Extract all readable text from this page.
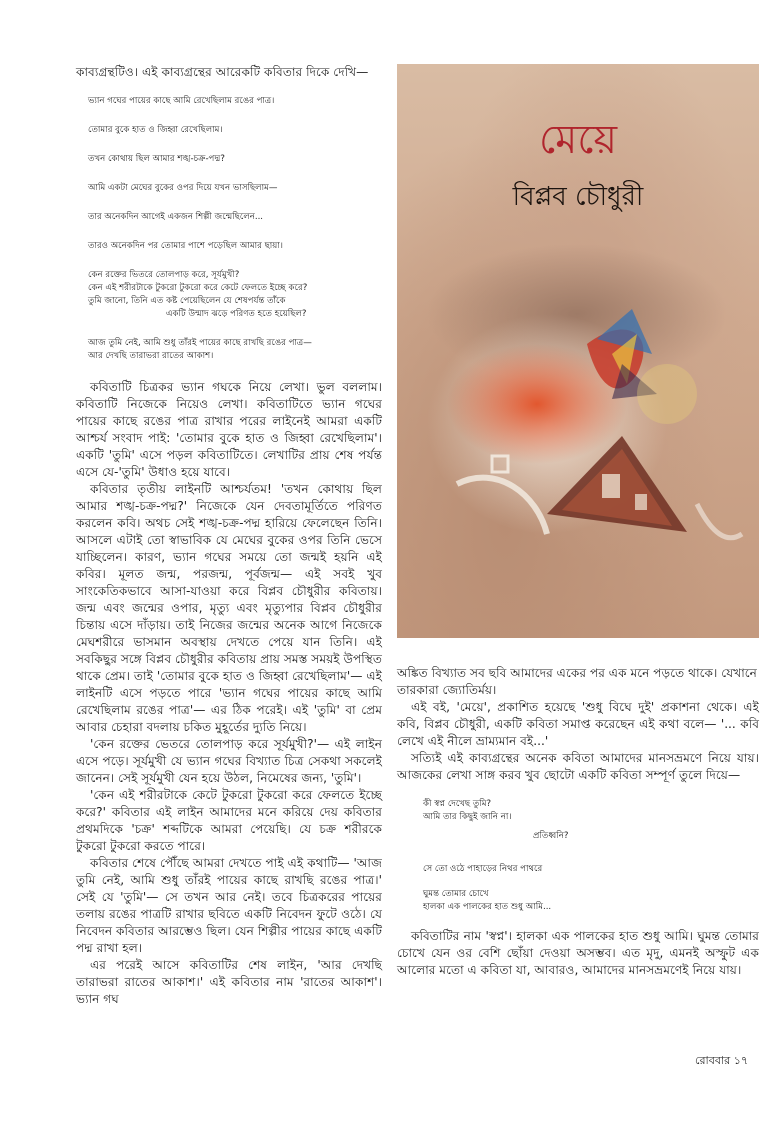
কাব্যগ্রন্থটিও। এই কাব্যগ্রন্থের আরেকটি কবিতার দিকে দেখি—

ভ্যান গঘের পায়ের কাছে আমি রেখেছিলাম রঙের পাত্র।
তোমার বুকে হাত ও জিহ্বা রেখেছিলাম।
তখন কোথায় ছিল আমার শঙ্খ-চক্র-পদ্ম?
আমি একটা মেঘের বুকের ওপর দিয়ে যখন ভাসছিলাম—
তার অনেকদিন আগেই একজন শিল্পী জন্মেছিলেন...
তারও অনেকদিন পর তোমার পাশে পড়েছিল আমার ছায়া।
কেন রক্তের ভিতরে তোলপাড় করে, সূর্যমুখী?
কেন এই শরীরটাকে টুকরো টুকরো করে কেটে ফেলতে ইচ্ছে করে?
তুমি জানো, তিনি এত কষ্ট পেয়েছিলেন যে শেষপর্যন্ত তাঁকে
একটি উন্মাদ ঝড়ে পরিণত হতে হয়েছিল?
আজ তুমি নেই, আমি শুধু তাঁরই পায়ের কাছে রাখছি রঙের পাত্র—
আর দেখছি তারাভরা রাতের আকাশ।

কবিতাটি চিত্রকর ভ্যান গঘকে নিয়ে লেখা। ভুল বললাম। কবিতাটি নিজেকে নিয়েও লেখা। কবিতাটিতে ভ্যান গঘের পায়ের কাছে রঙের পাত্র রাখার পরের লাইনেই আমরা একটি আশ্চর্য সংবাদ পাই: 'তোমার বুকে হাত ও জিহ্বা রেখেছিলাম'। একটি 'তুমি' এসে পড়ল কবিতাটিতে। লেখাটির প্রায় শেষ পর্যন্ত এসে যে-'তুমি' উধাও হয়ে যাবে।

কবিতার তৃতীয় লাইনটি আশ্চর্যতম! 'তখন কোথায় ছিল আমার শঙ্খ-চক্র-পদ্ম?' নিজেকে যেন দেবতামূর্তিতে পরিণত করলেন কবি। অথচ সেই শঙ্খ-চক্র-পদ্ম হারিয়ে ফেলেছেন তিনি। আসলে এটাই তো স্বাভাবিক যে মেঘের বুকের ওপর তিনি ভেসে যাচ্ছিলেন। কারণ, ভ্যান গঘের সময়ে তো জন্মই হয়নি এই কবির। মূলত জন্ম, পরজন্ম, পূর্বজন্ম— এই সবই খুব সাংকেতিকভাবে আসা-যাওয়া করে বিপ্লব চৌধুরীর কবিতায়। জন্ম এবং জন্মের ওপার, মৃত্যু এবং মৃত্যুপার বিপ্লব চৌধুরীর চিন্তায় এসে দাঁড়ায়। তাই নিজের জন্মের অনেক আগে নিজেকে মেঘশরীরে ভাসমান অবস্থায় দেখতে পেয়ে যান তিনি। এই সবকিছুর সঙ্গে বিপ্লব চৌধুরীর কবিতায় প্রায় সমস্ত সময়ই উপস্থিত থাকে প্রেম। তাই 'তোমার বুকে হাত ও জিহ্বা রেখেছিলাম'— এই লাইনটি এসে পড়তে পারে 'ভ্যান গঘের পায়ের কাছে আমি রেখেছিলাম রঙের পাত্র'— এর ঠিক পরেই। এই 'তুমি' বা প্রেম আবার চেহারা বদলায় চকিত মুহূর্তের দ্যুতি নিয়ে।

'কেন রক্তের ভেতরে তোলপাড় করে সূর্যমুখী?'— এই লাইন এসে পড়ে। সূর্যমুখী যে ভ্যান গঘের বিখ্যাত চিত্র সেকথা সকলেই জানেন। সেই সূর্যমুখী যেন হয়ে উঠল, নিমেষের জন্য, 'তুমি'।

'কেন এই শরীরটাকে কেটে টুকরো টুকরো করে ফেলতে ইচ্ছে করে?' কবিতার এই লাইন আমাদের মনে করিয়ে দেয় কবিতার প্রথমদিকে 'চক্র' শব্দটিকে আমরা পেয়েছি। যে চক্র শরীরকে টুকরো টুকরো করতে পারে।

কবিতার শেষে পৌঁছে আমরা দেখতে পাই এই কথাটি— 'আজ তুমি নেই, আমি শুধু তাঁরই পায়ের কাছে রাখছি রঙের পাত্র।' সেই যে 'তুমি'— সে তখন আর নেই। তবে চিত্রকরের পায়ের তলায় রঙের পাত্রটি রাখার ছবিতে একটি নিবেদন ফুটে ওঠে। যে নিবেদন কবিতার আরম্ভেও ছিল। যেন শিল্পীর পায়ের কাছে একটি পদ্ম রাখা হল।

এর পরেই আসে কবিতাটির শেষ লাইন, 'আর দেখছি তারাভরা রাতের আকাশ।' এই কবিতার নাম 'রাতের আকাশ'। ভ্যান গঘ

মেয়ে
বিপ্লব চৌধুরী

অঙ্কিত বিখ্যাত সব ছবি আমাদের একের পর এক মনে পড়তে থাকে। যেখানে তারকারা জ্যোতির্ময়।

এই বই, 'মেয়ে', প্রকাশিত হয়েছে 'শুধু বিঘে দুই' প্রকাশনা থেকে। এই কবি, বিপ্লব চৌধুরী, একটি কবিতা সমাপ্ত করেছেন এই কথা বলে— '... কবি লেখে এই নীলে ভ্রাম্যমান বই...'

সত্যিই এই কাব্যগ্রন্থের অনেক কবিতা আমাদের মানসভ্রমণে নিয়ে যায়। আজকের লেখা সাঙ্গ করব খুব ছোটো একটি কবিতা সম্পূর্ণ তুলে দিয়ে—

কী স্বপ্ন দেখেছ তুমি?
আমি তার কিছুই জানি না।
প্রতিধ্বনি?
সে তো ওঠে পাহাড়ের নিথর পাথরে
ঘুমন্ত তোমার চোখে
হালকা এক পালকের হাত শুধু আমি...

কবিতাটির নাম 'স্বপ্ন'। হালকা এক পালকের হাত শুধু আমি। ঘুমন্ত তোমার চোখে যেন ওর বেশি ছোঁয়া দেওয়া অসম্ভব। এত মৃদু, এমনই অস্ফুট এক আলোর মতো এ কবিতা যা, আবারও, আমাদের মানসভ্রমণেই নিয়ে যায়।

রোববার ১৭
